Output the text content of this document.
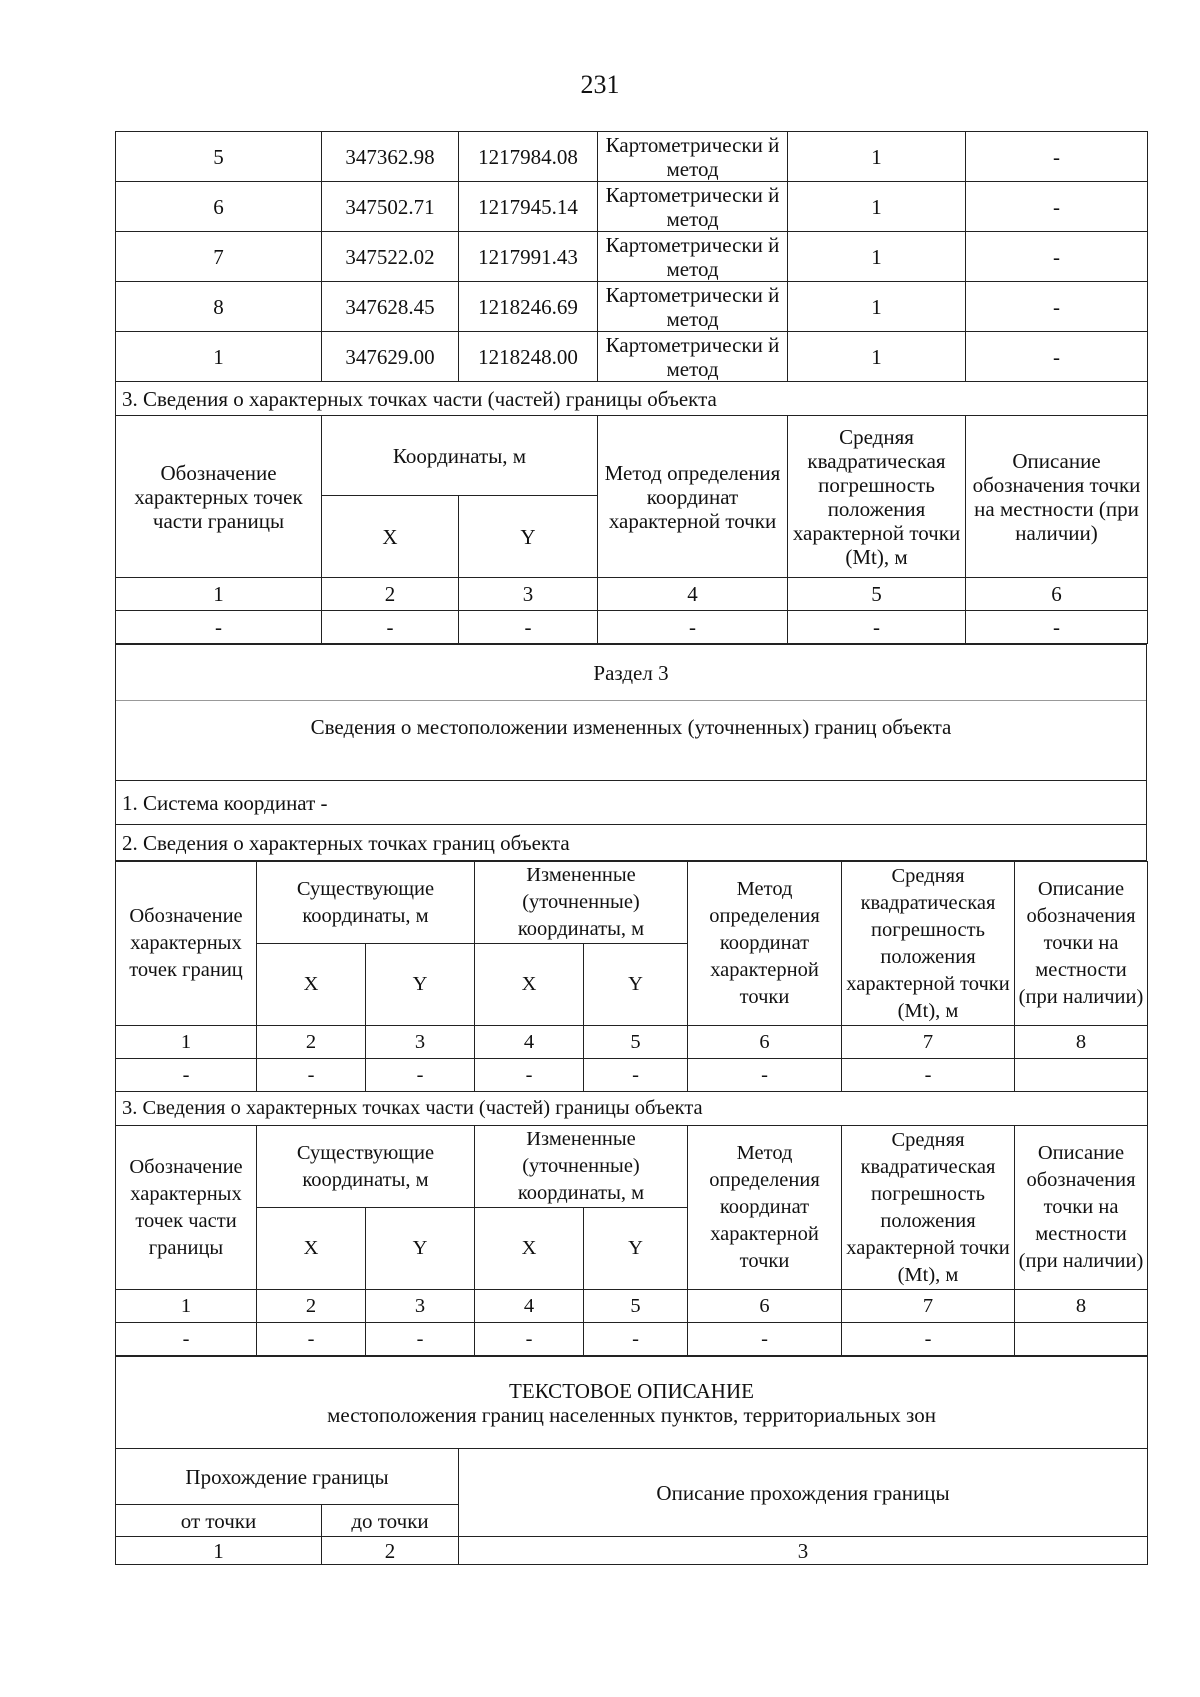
231
5	347362.98	1217984.08	Картометрически й метод	1	-
6	347502.71	1217945.14	Картометрически й метод	1	-
7	347522.02	1217991.43	Картометрически й метод	1	-
8	347628.45	1218246.69	Картометрически й метод	1	-
1	347629.00	1218248.00	Картометрически й метод	1	-
3. Сведения о характерных точках части (частей) границы объекта					
Обозначение характерных точек части границы	Координаты, м		Метод определения координат характерной точки	Средняя квадратическая погрешность положения характерной точки (Mt), м	Описание обозначения точки на местности (при наличии)
	X	Y			
1	2	3	4	5	6
-	-	-	-	-	-
Раздел 3
Сведения о местоположении измененных (уточненных) границ объекта
1. Система координат -
2. Сведения о характерных точках границ объекта
Обозначение характерных точек границ	Существующие координаты, м		Измененные (уточненные) координаты, м		Метод определения координат характерной точки	Средняя квадратическая погрешность положения характерной точки (Mt), м	Описание обозначения точки на местности (при наличии)
	X	Y	X	Y			
1	2	3	4	5	6	7	8
-	-	-	-	-	-	-	
3. Сведения о характерных точках части (частей) границы объекта							
Обозначение характерных точек части границы	Существующие координаты, м		Измененные (уточненные) координаты, м		Метод определения координат характерной точки	Средняя квадратическая погрешность положения характерной точки (Mt), м	Описание обозначения точки на местности (при наличии)
	X	Y	X	Y			
1	2	3	4	5	6	7	8
-	-	-	-	-	-	-	
ТЕКСТОВОЕ ОПИСАНИЕ
местоположения границ населенных пунктов, территориальных зон		

Прохождение границы		Описание прохождения границы
от точки	до точки	
1	2	3
